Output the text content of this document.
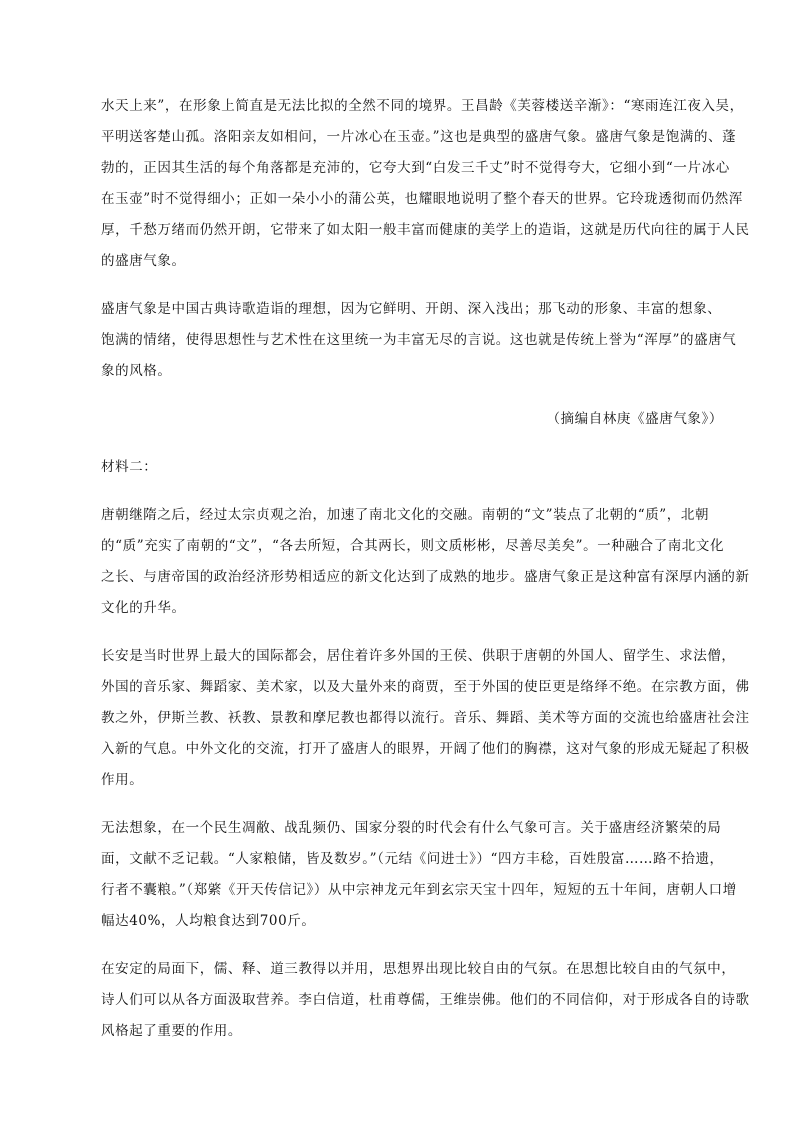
水天上来”，在形象上简直是无法比拟的全然不同的境界。王昌龄《芙蓉楼送辛渐》：“寒雨连江夜入吴，
平明送客楚山孤。洛阳亲友如相问，一片冰心在玉壶。”这也是典型的盛唐气象。盛唐气象是饱满的、蓬
勃的，正因其生活的每个角落都是充沛的，它夸大到“白发三千丈”时不觉得夸大，它细小到“一片冰心
在玉壶”时不觉得细小；正如一朵小小的蒲公英，也耀眼地说明了整个春天的世界。它玲珑透彻而仍然浑
厚，千愁万绪而仍然开朗，它带来了如太阳一般丰富而健康的美学上的造诣，这就是历代向往的属于人民
的盛唐气象。
盛唐气象是中国古典诗歌造诣的理想，因为它鲜明、开朗、深入浅出；那飞动的形象、丰富的想象、
饱满的情绪，使得思想性与艺术性在这里统一为丰富无尽的言说。这也就是传统上誉为“浑厚”的盛唐气
象的风格。
（摘编自林庚《盛唐气象》）
材料二：
唐朝继隋之后，经过太宗贞观之治，加速了南北文化的交融。南朝的“文”装点了北朝的“质”，北朝
的“质”充实了南朝的“文”，“各去所短，合其两长，则文质彬彬，尽善尽美矣”。一种融合了南北文化
之长、与唐帝国的政治经济形势相适应的新文化达到了成熟的地步。盛唐气象正是这种富有深厚内涵的新
文化的升华。
长安是当时世界上最大的国际都会，居住着许多外国的王侯、供职于唐朝的外国人、留学生、求法僧，
外国的音乐家、舞蹈家、美术家，以及大量外来的商贾，至于外国的使臣更是络绎不绝。在宗教方面，佛
教之外，伊斯兰教、袄教、景教和摩尼教也都得以流行。音乐、舞蹈、美术等方面的交流也给盛唐社会注
入新的气息。中外文化的交流，打开了盛唐人的眼界，开阔了他们的胸襟，这对气象的形成无疑起了积极
作用。
无法想象，在一个民生凋敝、战乱频仍、国家分裂的时代会有什么气象可言。关于盛唐经济繁荣的局
面，文献不乏记载。“人家粮储，皆及数岁。”（元结《问进士》）“四方丰稔，百姓殷富……路不拾遗，
行者不囊粮。”（郑綮《开天传信记》）从中宗神龙元年到玄宗天宝十四年，短短的五十年间，唐朝人口增
幅达40%，人均粮食达到700斤。
在安定的局面下，儒、释、道三教得以并用，思想界出现比较自由的气氛。在思想比较自由的气氛中，
诗人们可以从各方面汲取营养。李白信道，杜甫尊儒，王维崇佛。他们的不同信仰，对于形成各自的诗歌
风格起了重要的作用。
